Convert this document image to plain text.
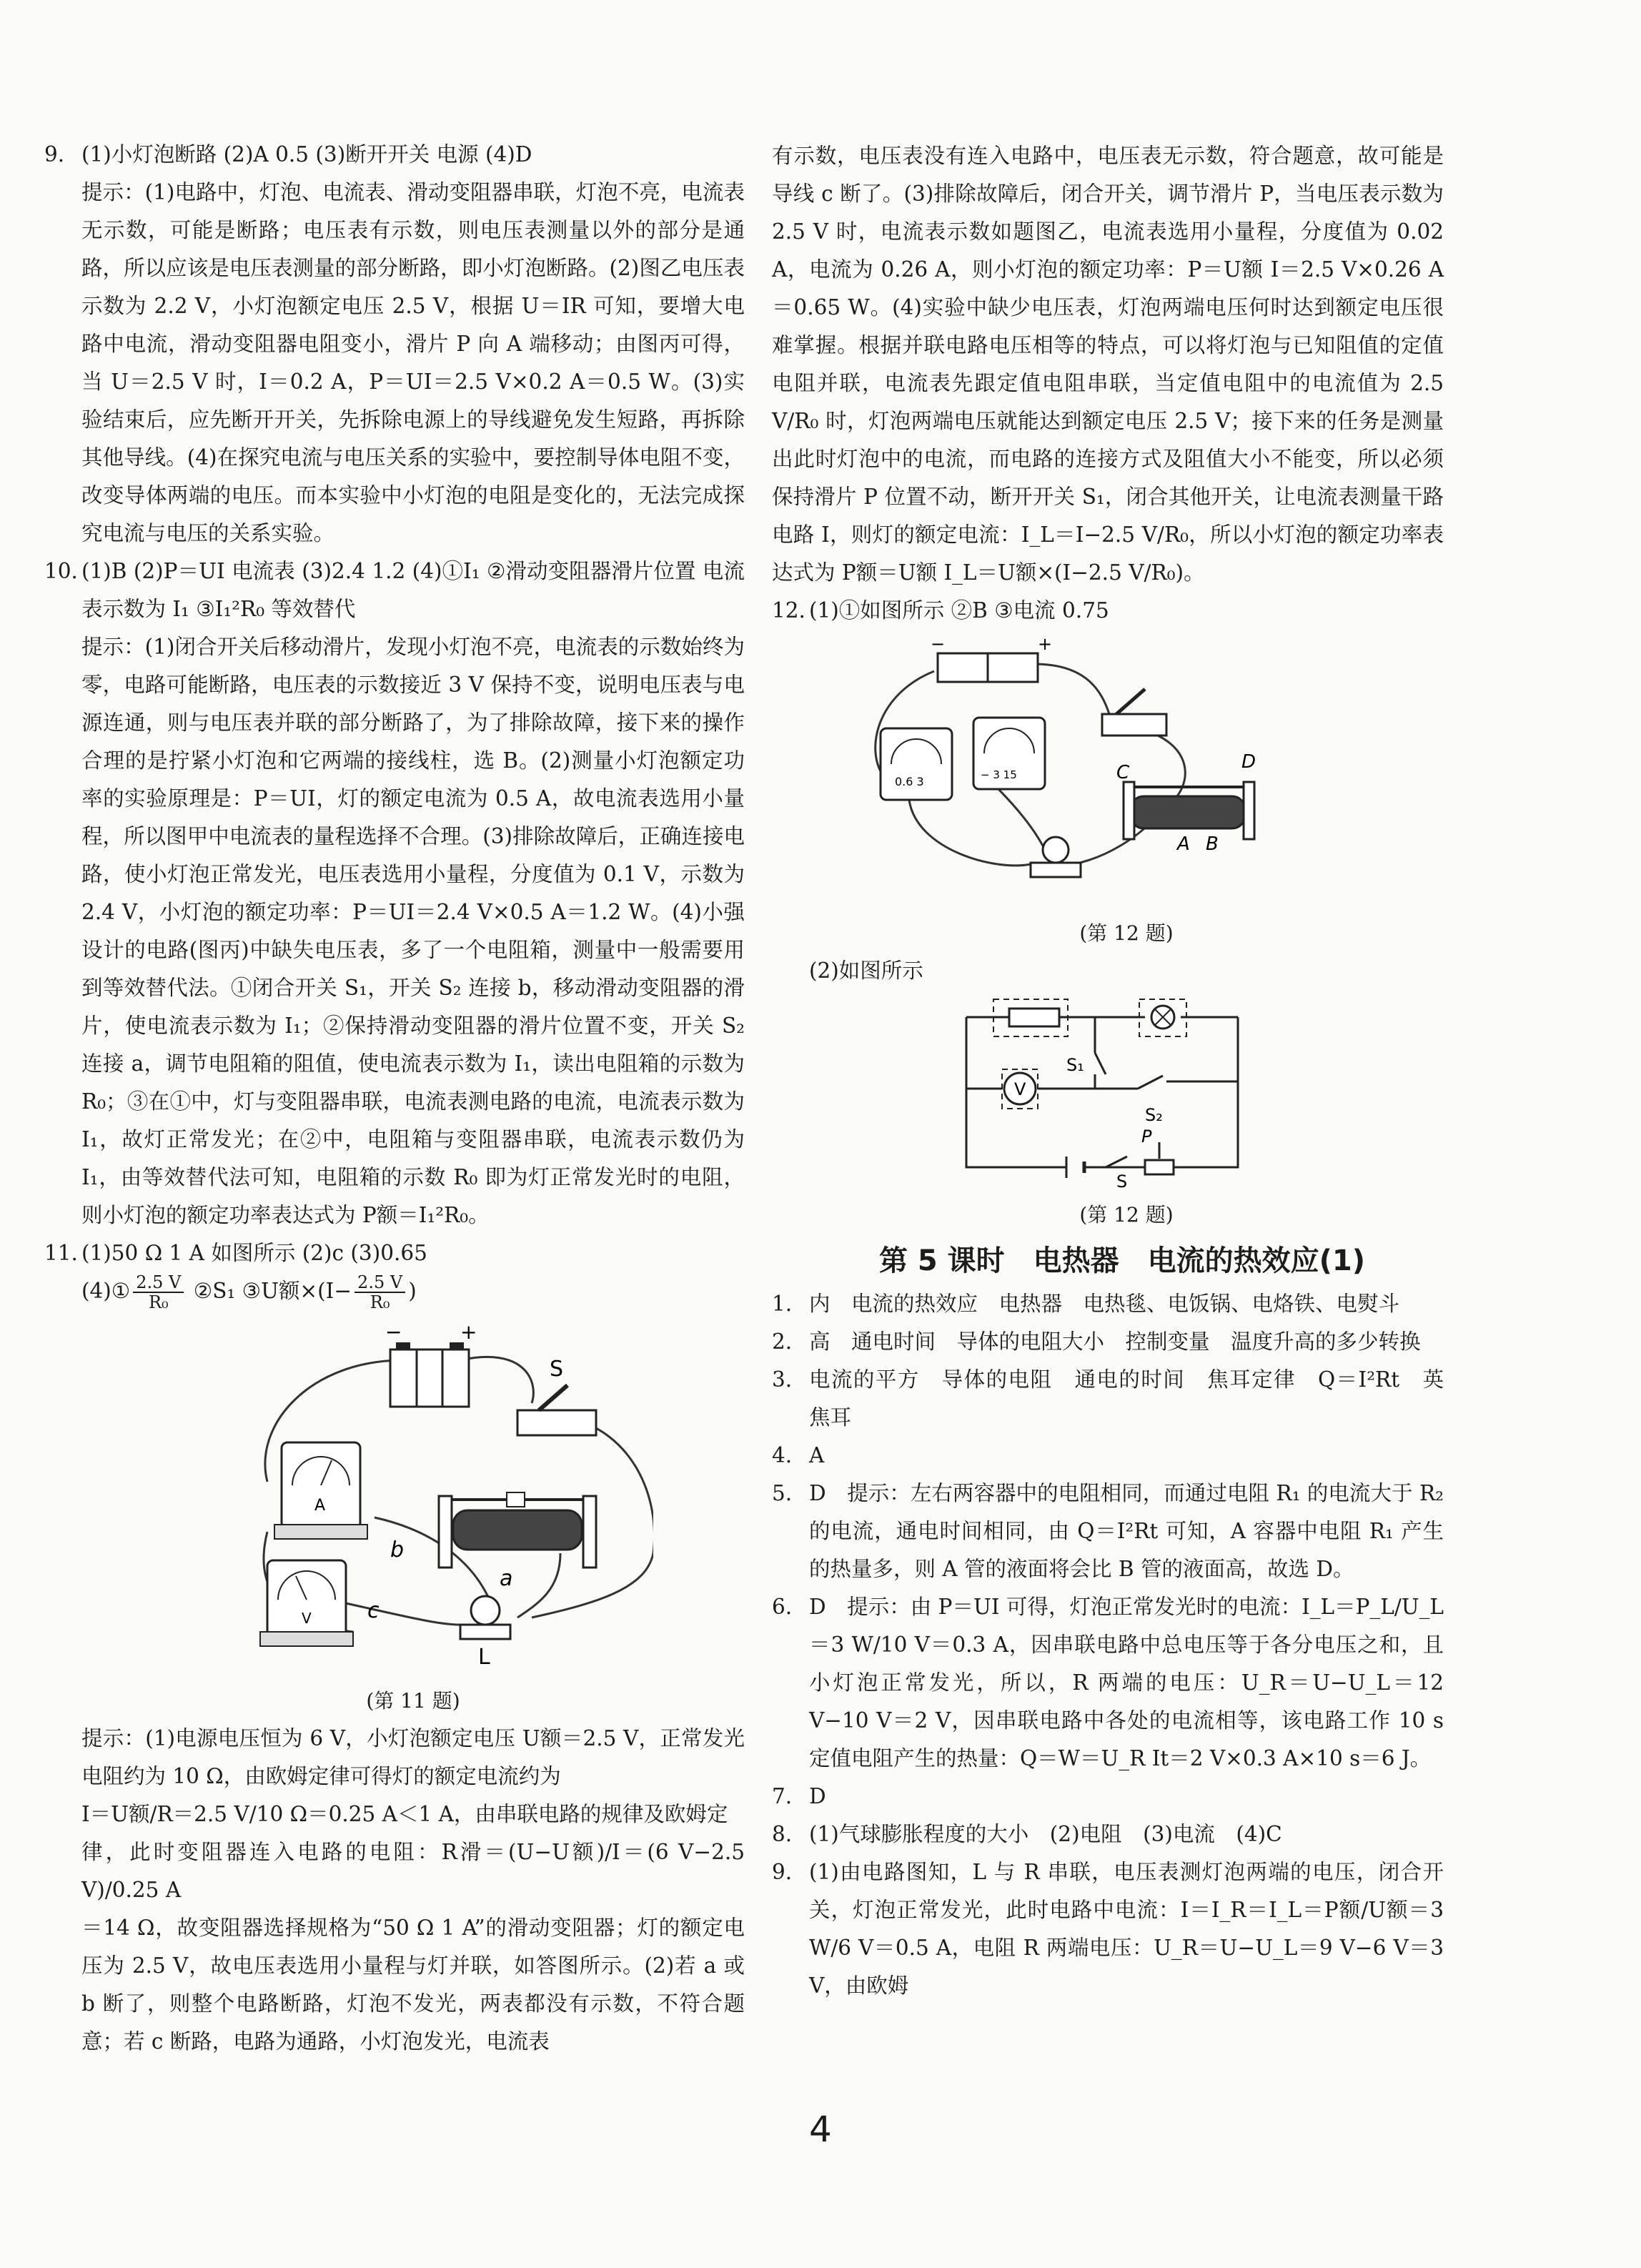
9. (1)小灯泡断路 (2)A 0.5 (3)断开开关 电源 (4)D

提示：(1)电路中，灯泡、电流表、滑动变阻器串联，灯泡不亮，电流表无示数，可能是断路；电压表有示数，则电压表测量以外的部分是通路，所以应该是电压表测量的部分断路，即小灯泡断路。(2)图乙电压表示数为 2.2 V，小灯泡额定电压 2.5 V，根据 U＝IR 可知，要增大电路中电流，滑动变阻器电阻变小，滑片 P 向 A 端移动；由图丙可得，当 U＝2.5 V 时，I＝0.2 A，P＝UI＝2.5 V×0.2 A＝0.5 W。(3)实验结束后，应先断开开关，先拆除电源上的导线避免发生短路，再拆除其他导线。(4)在探究电流与电压关系的实验中，要控制导体电阻不变，改变导体两端的电压。而本实验中小灯泡的电阻是变化的，无法完成探究电流与电压的关系实验。

10. (1)B (2)P＝UI 电流表 (3)2.4 1.2 (4)①I₁ ②滑动变阻器滑片位置 电流表示数为 I₁ ③I₁²R₀ 等效替代

提示：(1)闭合开关后移动滑片，发现小灯泡不亮，电流表的示数始终为零，电路可能断路，电压表的示数接近 3 V 保持不变，说明电压表与电源连通，则与电压表并联的部分断路了，为了排除故障，接下来的操作合理的是拧紧小灯泡和它两端的接线柱，选 B。(2)测量小灯泡额定功率的实验原理是：P＝UI，灯的额定电流为 0.5 A，故电流表选用小量程，所以图甲中电流表的量程选择不合理。(3)排除故障后，正确连接电路，使小灯泡正常发光，电压表选用小量程，分度值为 0.1 V，示数为 2.4 V，小灯泡的额定功率：P＝UI＝2.4 V×0.5 A＝1.2 W。(4)小强设计的电路(图丙)中缺失电压表，多了一个电阻箱，测量中一般需要用到等效替代法。①闭合开关 S₁，开关 S₂ 连接 b，移动滑动变阻器的滑片，使电流表示数为 I₁；②保持滑动变阻器的滑片位置不变，开关 S₂ 连接 a，调节电阻箱的阻值，使电流表示数为 I₁，读出电阻箱的示数为 R₀；③在①中，灯与变阻器串联，电流表测电路的电流，电流表示数为 I₁，故灯正常发光；在②中，电阻箱与变阻器串联，电流表示数仍为 I₁，由等效替代法可知，电阻箱的示数 R₀ 即为灯正常发光时的电阻，则小灯泡的额定功率表达式为 P额＝I₁²R₀。

11. (1)50 Ω 1 A 如图所示 (2)c (3)0.65

(4)① $\frac{2.5 V}{\text{R₀}}$ ②S₁ ③U额$\times(I- \frac{2.5 V}{\text{R₀}}$ )

−	+
S
A
a
b
V	c
L
(第 11 题)

提示：(1)电源电压恒为 6 V，小灯泡额定电压 U额＝2.5 V，正常发光电阻约为 10 Ω，由欧姆定律可得灯的额定电流约为

I＝U额/R＝2.5 V/10 Ω＝0.25 A＜1 A，由串联电路的规律及欧姆定

律，此时变阻器连入电路的电阻：R滑＝(U−U额)/I＝(6 V−2.5 V)/0.25 A

＝14 Ω，故变阻器选择规格为“50 Ω 1 A”的滑动变阻器；灯的额定电压为 2.5 V，故电压表选用小量程与灯并联，如答图所示。(2)若 a 或 b 断了，则整个电路断路，灯泡不发光，两表都没有示数，不符合题意；若 c 断路，电路为通路，小灯泡发光，电流表

有示数，电压表没有连入电路中，电压表无示数，符合题意，故可能是导线 c 断了。(3)排除故障后，闭合开关，调节滑片 P，当电压表示数为 2.5 V 时，电流表示数如题图乙，电流表选用小量程，分度值为 0.02 A，电流为 0.26 A，则小灯泡的额定功率：P＝U额 I＝2.5 V×0.26 A＝0.65 W。(4)实验中缺少电压表，灯泡两端电压何时达到额定电压很难掌握。根据并联电路电压相等的特点，可以将灯泡与已知阻值的定值电阻并联，电流表先跟定值电阻串联，当定值电阻中的电流值为 2.5 V/R₀ 时，灯泡两端电压就能达到额定电压 2.5 V；接下来的任务是测量出此时灯泡中的电流，而电路的连接方式及阻值大小不能变，所以必须保持滑片 P 位置不动，断开开关 S₁，闭合其他开关，让电流表测量干路电路 I，则灯的额定电流：I_L＝I−2.5 V/R₀，所以小灯泡的额定功率表达式为 P额＝U额 I_L＝U额×(I−2.5 V/R₀)。

12. (1)①如图所示 ②B ③电流 0.75

−	+
0.6 3	− 3 15	C	D
A B
(第 12 题)

(2)如图所示

V
S₁
S₂
S
P
(第 12 题)
第 5 课时　电热器　电流的热效应(1)
1. 内　电流的热效应　电热器　电热毯、电饭锅、电烙铁、电熨斗

2. 高　通电时间　导体的电阻大小　控制变量　温度升高的多少转换

3. 电流的平方　导体的电阻　通电的时间　焦耳定律　Q＝I²Rt　英　焦耳

4. A

5. D　提示：左右两容器中的电阻相同，而通过电阻 R₁ 的电流大于 R₂ 的电流，通电时间相同，由 Q＝I²Rt 可知，A 容器中电阻 R₁ 产生的热量多，则 A 管的液面将会比 B 管的液面高，故选 D。

6. D　提示：由 P＝UI 可得，灯泡正常发光时的电流：I_L＝P_L/U_L＝3 W/10 V＝0.3 A，因串联电路中总电压等于各分电压之和，且小灯泡正常发光，所以，R 两端的电压：U_R＝U−U_L＝12 V−10 V＝2 V，因串联电路中各处的电流相等，该电路工作 10 s 定值电阻产生的热量：Q＝W＝U_R It＝2 V×0.3 A×10 s＝6 J。

7. D

8. (1)气球膨胀程度的大小　(2)电阻　(3)电流　(4)C

9. (1)由电路图知，L 与 R 串联，电压表测灯泡两端的电压，闭合开关，灯泡正常发光，此时电路中电流：I＝I_R＝I_L＝P额/U额＝3 W/6 V＝0.5 A，电阻 R 两端电压：U_R＝U−U_L＝9 V−6 V＝3 V，由欧姆

4
